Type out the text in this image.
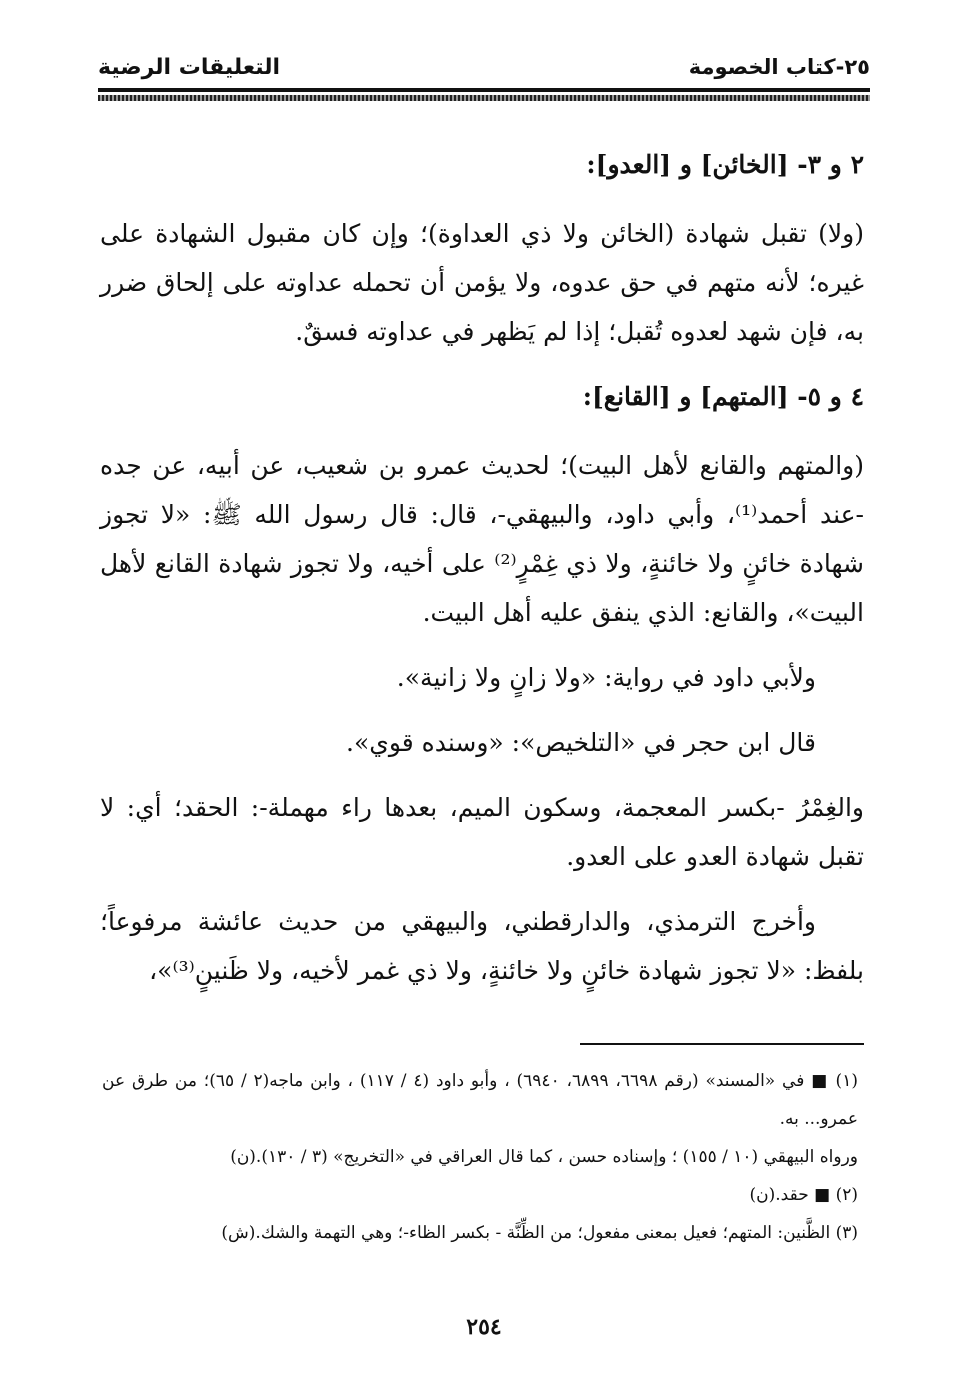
٢٥-كتاب الخصومة
التعليقات الرضية

٢ و ٣- [الخائن] و [العدو]:

(ولا) تقبل شهادة (الخائن ولا ذي العداوة)؛ وإن كان مقبول الشهادة على غيره؛ لأنه متهم في حق عدوه، ولا يؤمن أن تحمله عداوته على إلحاق ضرر به، فإن شهد لعدوه تُقبل؛ إذا لم يَظهر في عداوته فسقٌ.

٤ و ٥- [المتهم] و [القانع]:

(والمتهم والقانع لأهل البيت)؛ لحديث عمرو بن شعيب، عن أبيه، عن جده -عند أحمد⁽¹⁾، وأبي داود، والبيهقي-، قال: قال رسول الله ﷺ: «لا تجوز شهادة خائنٍ ولا خائنةٍ، ولا ذي غِمْرٍ⁽²⁾ على أخيه، ولا تجوز شهادة القانع لأهل البيت»، والقانع: الذي ينفق عليه أهل البيت.

ولأبي داود في رواية: «ولا زانٍ ولا زانية».

قال ابن حجر في «التلخيص»: «وسنده قوي».

والغِمْرُ -بكسر المعجمة، وسكون الميم، بعدها راء مهملة-: الحقد؛ أي: لا تقبل شهادة العدو على العدو.

وأخرج الترمذي، والدارقطني، والبيهقي من حديث عائشة مرفوعاً؛ بلفظ: «لا تجوز شهادة خائنٍ ولا خائنةٍ، ولا ذي غمر لأخيه، ولا ظَنينٍ⁽³⁾»،

(١) ■ في «المسند» (رقم ٦٦٩٨، ٦٨٩٩، ٦٩٤٠) ، وأبو داود (٤ / ١١٧) ، وابن ماجه(٢ / ٦٥)؛ من طرق عن عمرو... به.

ورواه البيهقي (١٠ / ١٥٥) ؛ وإسناده حسن ، كما قال العراقي في «التخريج» (٣ / ١٣٠).(ن)

(٢) ■ حقد.(ن)

(٣) الظَّنين: المتهم؛ فعيل بمعنى مفعول؛ من الظِّنَّة - بكسر الظاء-؛ وهي التهمة والشك.(ش)

٢٥٤
